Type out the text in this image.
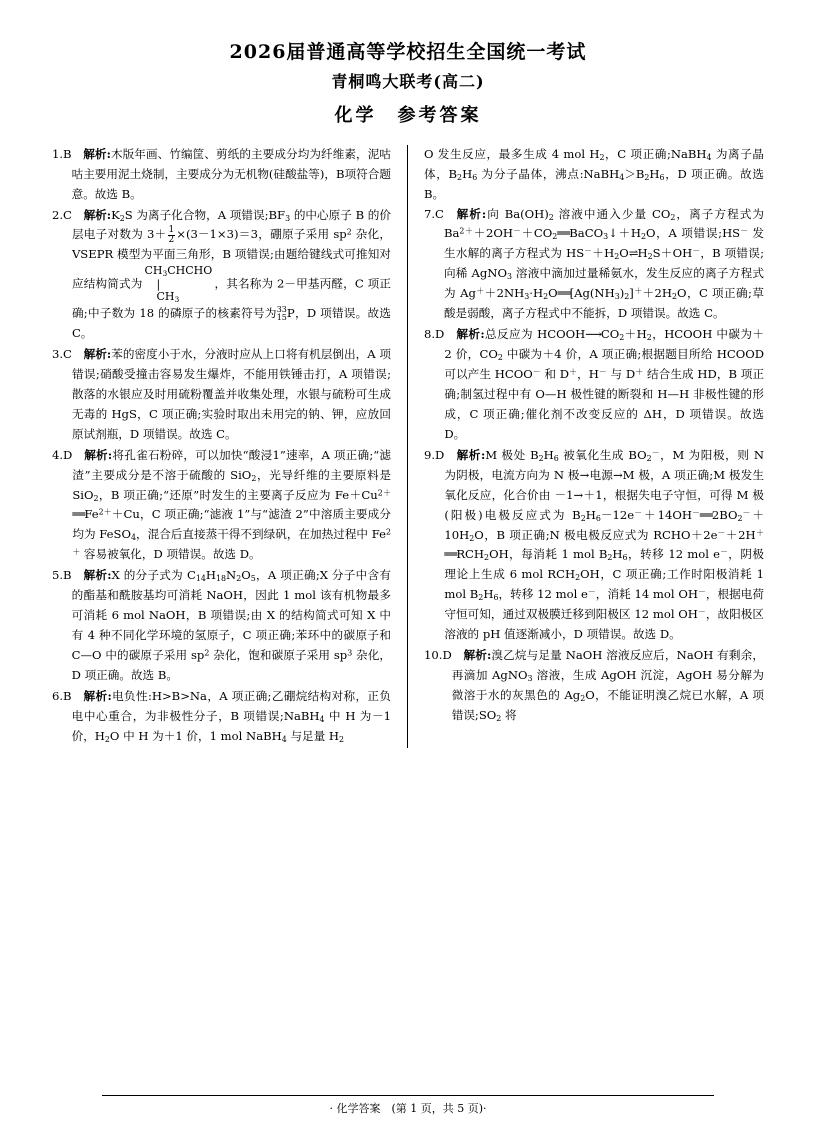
2026届普通高等学校招生全国统一考试
青桐鸣大联考(高二)
化学　参考答案
1.B
　	解析:木版年画、竹编筐、剪纸的主要成分均为纤维素，泥咕咕主要用泥土烧制，主要成分为无机物(硅酸盐等)，B项符合题意。故选 B。
2.C
　	解析$:K_2S$ 为离子化合物，A 项错误$;BF_3$ 的中心原子 B 的价层电子对数为 $3+ \frac{1}{2} \times(3-1\times 3)=3$，硼原子采用 $sp^2$ 杂化，VSEPR 模型为平面三角形，B 项错误;由题给键线式可推知对应结构简式为
$CH_3CHCHO$
|
$CH_3$
，其名称为 2－甲基丙醛，C 项正确;中子数为 18 的磷原子的核素符号为 33
15 P，D 项错误。故选 C。
3.C
　	解析:苯的密度小于水，分液时应从上口将有机层倒出，A 项错误;硝酸受撞击容易发生爆炸，不能用铁锤击打，A 项错误;散落的水银应及时用硫粉覆盖并收集处理，水银与硫粉可生成无毒的 HgS，C 项正确;实验时取出未用完的钠、钾，应放回原试剂瓶，D 项错误。故选 C。
4.D
　	解析:将孔雀石粉碎，可以加快“酸浸1”速率，A 项正确;“滤渣”主要成分是不溶于硫酸的 SiO$_2$，光导纤维的主要原料是 SiO$_2$，B 项正确;“还原”时发生的主要离子反应为 $Fe+Cu^{2+}══Fe^{2+}+Cu$，C 项正确;“滤液 1”与“滤渣 2”中溶质主要成分均为 FeSO$_4$，混合后直接蒸干得不到绿矾，在加热过程中 $Fe^{2+}$ 容易被氧化，D 项错误。故选 D。
5.B
　	解析:X 的分子式为 $C_{14}H_{18}N_2O_5$，A 项正确;X 分子中含有的酯基和酰胺基均可消耗 NaOH，因此 1 mol 该有机物最多可消耗 6 mol NaOH，B 项错误;由 X 的结构简式可知 X 中有 4 种不同化学环境的氢原子，C 项正确;苯环中的碳原子和 C—O 中的碳原子采用 $sp^2$ 杂化，饱和碳原子采用 $sp^3$ 杂化，D 项正确。故选 B。
6.B
　	解析:电负性:H>B>Na，A 项正确;乙硼烷结构对称，正负电中心重合，为非极性分子，B 项错误;NaBH$_4$ 中 H 为－1 价，$H_2O$ 中 H 为＋1 价，1 mol NaBH$_4$ 与足量 $H_2$
O 发生反应，最多生成 4 mol $H_2$，C 项正确;NaBH$_4$ 为离子晶体，$B_2H_6$ 为分子晶体，沸点$:NaBH_4>B_2H_6$，D 项正确。故选 B。
7.C
　	解析:向 $Ba(OH)_2$ 溶液中通入少量 $CO_2$，离子方程式为 $Ba^{2+}+2OH^-+CO_2══BaCO_3↓+H_2O$，A 项错误;HS－ 发生水解的离子方程式为 $HS^-+H_2O\rightleftharpoons H_2S+OH^-$，B 项错误;向稀 AgNO$_3$ 溶液中滴加过量稀氨水，发生反应的离子方程式为 $Ag^++2NH_3\cdot H_2O══[Ag(NH_3)_2]^++2H_2O$，C 项正确;草酸是弱酸，离子方程式中不能拆，D 项错误。故选 C。
8.D
　	解析:总反应为 $HCOOH⟶CO_2+H_2$，HCOOH 中碳为＋2 价，$CO_2$ 中碳为＋4 价，A 项正确;根据题目所给 HCOOD 可以产生 HCOO－ 和 D＋，H－ 与 D＋ 结合生成 HD，B 项正确;制氢过程中有 O—H 极性键的断裂和 H—H 非极性键的形成，C 项正确;催化剂不改变反应的 ΔH，D 项错误。故选 D。
9.D
　	解析:M 极处 $B_2H_6$ 被氧化生成 $BO_2^-$，M 为阳极，则 N 为阴极，电流方向为 N 极→电源→M 极，A 项正确;M 极发生氧化反应，化合价由 －1→＋1，根据失电子守恒，可得 M 极(阳极)电极反应式为 $B_2H_6-12e^-+14OH^-══2BO_2^-+10H_2O$，B 项正确;N 极电极反应式为 $RCHO+2e^-+2H^+══RCH_2OH$，每消耗 1 mol $B_2H_6$，转移 12 mol e－，阴极理论上生成 6 mol $RCH_2OH$，C 项正确;工作时阳极消耗 1 mol $B_2H_6$，转移 12 mol e－，消耗 14 mol OH－，根据电荷守恒可知，通过双极膜迁移到阳极区 12 mol OH－，故阳极区溶液的 pH 值逐渐减小，D 项错误。故选 D。
10.D
　	解析:溴乙烷与足量 NaOH 溶液反应后，NaOH 有剩余，再滴加 AgNO$_3$ 溶液，生成 AgOH 沉淀，AgOH 易分解为微溶于水的灰黑色的 $Ag_2O$，不能证明溴乙烷已水解，A 项错误$;SO_2$ 将
· 化学答案　(第 1 页，共 5 页)·
